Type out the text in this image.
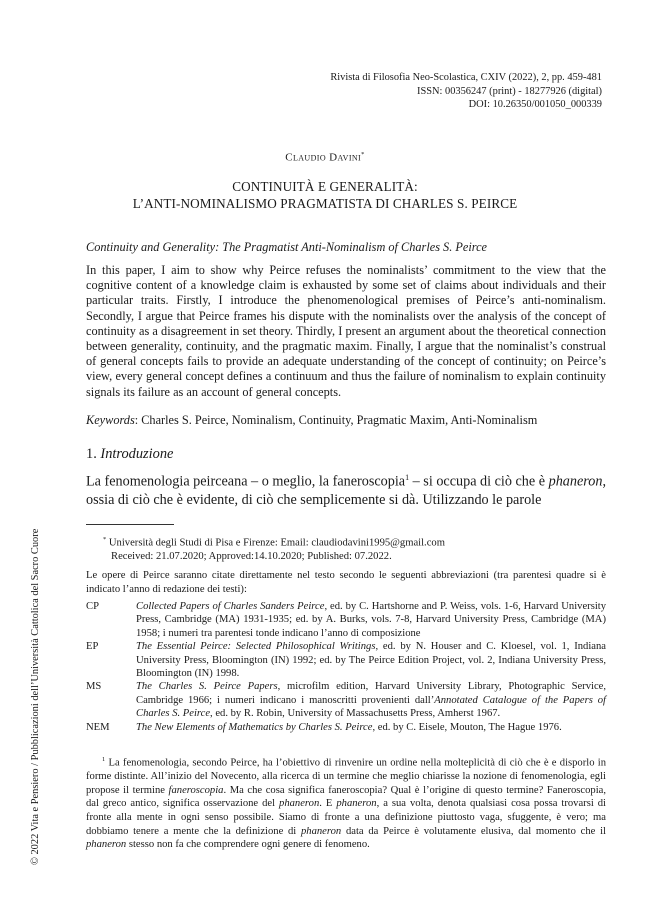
Rivista di Filosofia Neo-Scolastica, CXIV (2022), 2, pp. 459-481
ISSN: 00356247 (print) - 18277926 (digital)
DOI: 10.26350/001050_000339
Claudio Davini*
CONTINUITÀ E GENERALITÀ:
L’ANTI-NOMINALISMO PRAGMATISTA DI CHARLES S. PEIRCE
Continuity and Generality: The Pragmatist Anti-Nominalism of Charles S. Peirce

In this paper, I aim to show why Peirce refuses the nominalists’ commitment to the view that the cognitive content of a knowledge claim is exhausted by some set of claims about individuals and their particular traits. Firstly, I introduce the phenomenological premises of Peirce’s anti-nominalism. Secondly, I argue that Peirce frames his dispute with the nominalists over the analysis of the concept of continuity as a disagreement in set theory. Thirdly, I present an argument about the theoretical connection between generality, continuity, and the pragmatic maxim. Finally, I argue that the nominalist’s construal of general concepts fails to provide an adequate understanding of the concept of continuity; on Peirce’s view, every general concept defines a continuum and thus the failure of nominalism to explain continuity signals its failure as an account of general concepts.

Keywords: Charles S. Peirce, Nominalism, Continuity, Pragmatic Maxim, Anti-Nominalism
1. Introduzione

La fenomenologia peirceana – o meglio, la faneroscopia$^1$ – si occupa di ciò che è phaneron, ossia di ciò che è evidente, di ciò che semplicemente si dà. Utilizzando le parole

* Università degli Studi di Pisa e Firenze: Email: claudiodavini1995@gmail.com
Received: 21.07.2020; Approved:14.10.2020; Published: 07.2022.

Le opere di Peirce saranno citate direttamente nel testo secondo le seguenti abbreviazioni (tra parentesi quadre si è indicato l’anno di redazione dei testi):

CP	Collected Papers of Charles Sanders Peirce, ed. by C. Hartshorne and P. Weiss, vols. 1-6, Harvard University Press, Cambridge (MA) 1931-1935; ed. by A. Burks, vols. 7-8, Harvard University Press, Cambridge (MA) 1958; i numeri tra parentesi tonde indicano l’anno di composizione
EP	The Essential Peirce: Selected Philosophical Writings, ed. by N. Houser and C. Kloesel, vol. 1, Indiana University Press, Bloomington (IN) 1992; ed. by The Peirce Edition Project, vol. 2, Indiana University Press, Bloomington (IN) 1998.
MS	The Charles S. Peirce Papers, microfilm edition, Harvard University Library, Photographic Service, Cambridge 1966; i numeri indicano i manoscritti provenienti dall’Annotated Catalogue of the Papers of Charles S. Peirce, ed. by R. Robin, University of Massachusetts Press, Amherst 1967.
NEM	The New Elements of Mathematics by Charles S. Peirce, ed. by C. Eisele, Mouton, The Hague 1976.

$^1$ La fenomenologia, secondo Peirce, ha l’obiettivo di rinvenire un ordine nella molteplicità di ciò che è e disporlo in forme distinte. All’inizio del Novecento, alla ricerca di un termine che meglio chiarisse la nozione di fenomenologia, egli propose il termine faneroscopia. Ma che cosa significa faneroscopia? Qual è l’origine di questo termine? Faneroscopia, dal greco antico, significa osservazione del phaneron. E phaneron, a sua volta, denota qualsiasi cosa possa trovarsi di fronte alla mente in ogni senso possibile. Siamo di fronte a una definizione piuttosto vaga, sfuggente, è vero; ma dobbiamo tenere a mente che la definizione di phaneron data da Peirce è volutamente elusiva, dal momento che il phaneron stesso non fa che comprendere ogni genere di fenomeno.

© 2022 Vita e Pensiero / Pubblicazioni dell’Università Cattolica del Sacro Cuore
